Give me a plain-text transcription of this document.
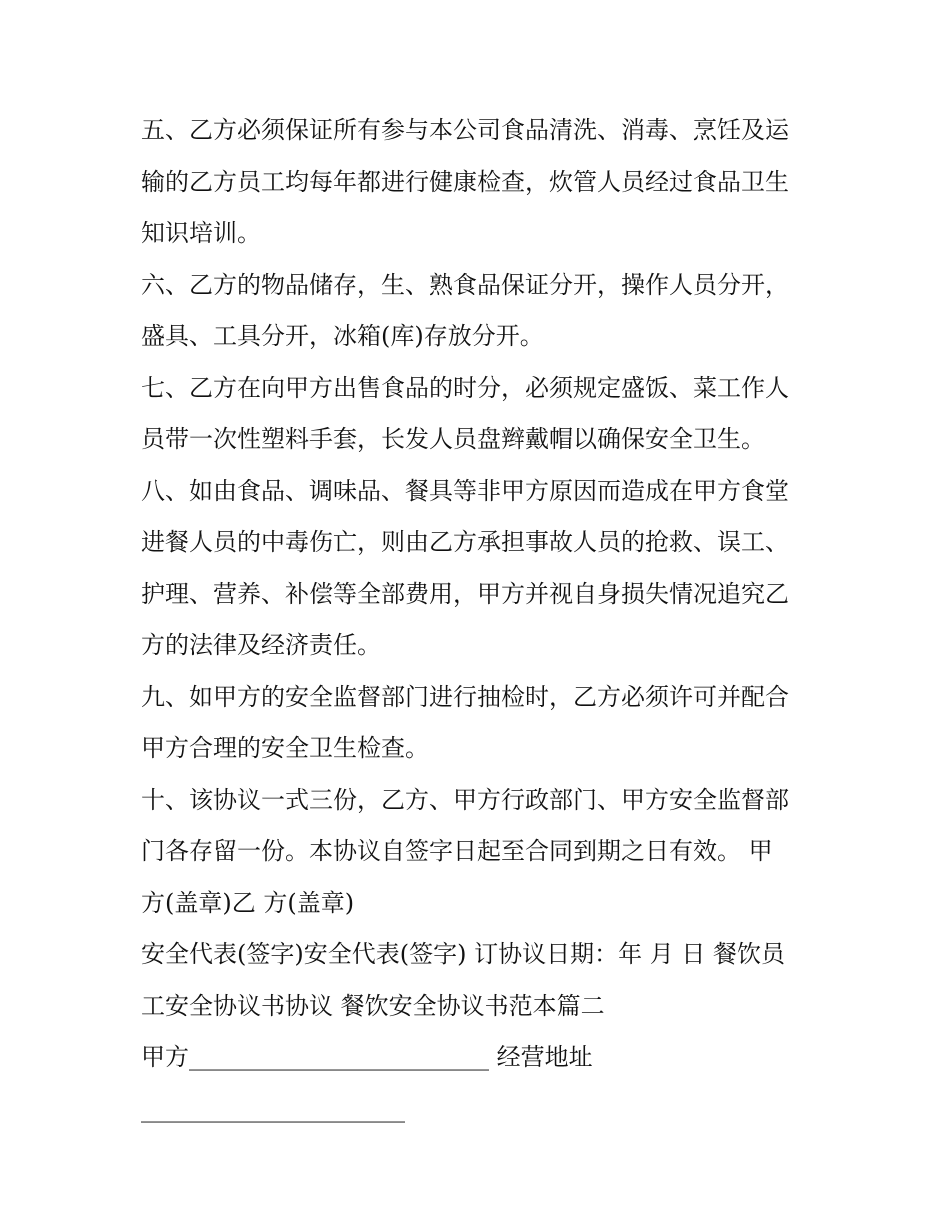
五、乙方必须保证所有参与本公司食品清洗、消毒、烹饪及运

输的乙方员工均每年都进行健康检查，炊管人员经过食品卫生

知识培训。

六、乙方的物品储存，生、熟食品保证分开，操作人员分开，

盛具、工具分开，冰箱(库)存放分开。

七、乙方在向甲方出售食品的时分，必须规定盛饭、菜工作人

员带一次性塑料手套，长发人员盘辫戴帽以确保安全卫生。

八、如由食品、调味品、餐具等非甲方原因而造成在甲方食堂

进餐人员的中毒伤亡，则由乙方承担事故人员的抢救、误工、

护理、营养、补偿等全部费用，甲方并视自身损失情况追究乙

方的法律及经济责任。

九、如甲方的安全监督部门进行抽检时，乙方必须许可并配合

甲方合理的安全卫生检查。

十、该协议一式三份，乙方、甲方行政部门、甲方安全监督部

门各存留一份。本协议自签字日起至合同到期之日有效。 甲

方(盖章)乙 方(盖章)

安全代表(签字)安全代表(签字) 订协议日期：年 月 日 餐饮员

工安全协议书协议 餐饮安全协议书范本篇二

甲方_________________________ 经营地址

______________________
